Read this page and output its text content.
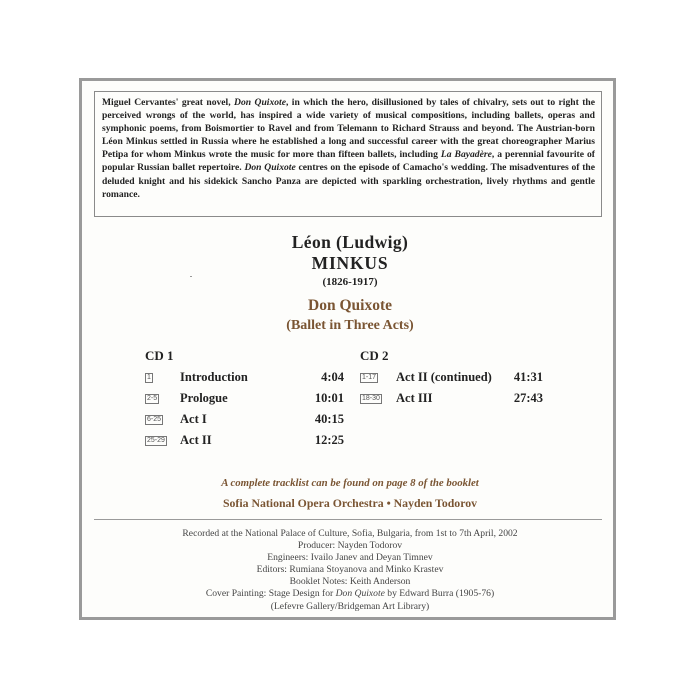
Miguel Cervantes' great novel, Don Quixote, in which the hero, disillusioned by tales of chivalry, sets out to right the perceived wrongs of the world, has inspired a wide variety of musical compositions, including ballets, operas and symphonic poems, from Boismortier to Ravel and from Telemann to Richard Strauss and beyond. The Austrian-born Léon Minkus settled in Russia where he established a long and successful career with the great choreographer Marius Petipa for whom Minkus wrote the music for more than fifteen ballets, including La Bayadère, a perennial favourite of popular Russian ballet repertoire. Don Quixote centres on the episode of Camacho's wedding. The misadventures of the deluded knight and his sidekick Sancho Panza are depicted with sparkling orchestration, lively rhythms and gentle romance.

Léon (Ludwig)
MINKUS
(1826-1917)
Don Quixote
(Ballet in Three Acts)
CD 1
1 Introduction	4:04
2-5 Prologue	10:01
6-25 Act I	40:15
25-29 Act II	12:25
CD 2
1-17 Act II (continued)	41:31
18-30 Act III	27:43
A complete tracklist can be found on page 8 of the booklet
Sofia National Opera Orchestra • Nayden Todorov
Recorded at the National Palace of Culture, Sofia, Bulgaria, from 1st to 7th April, 2002
Producer: Nayden Todorov
Engineers: Ivailo Janev and Deyan Timnev
Editors: Rumiana Stoyanova and Minko Krastev
Booklet Notes: Keith Anderson
Cover Painting: Stage Design for Don Quixote by Edward Burra (1905-76)
(Lefevre Gallery/Bridgeman Art Library)
